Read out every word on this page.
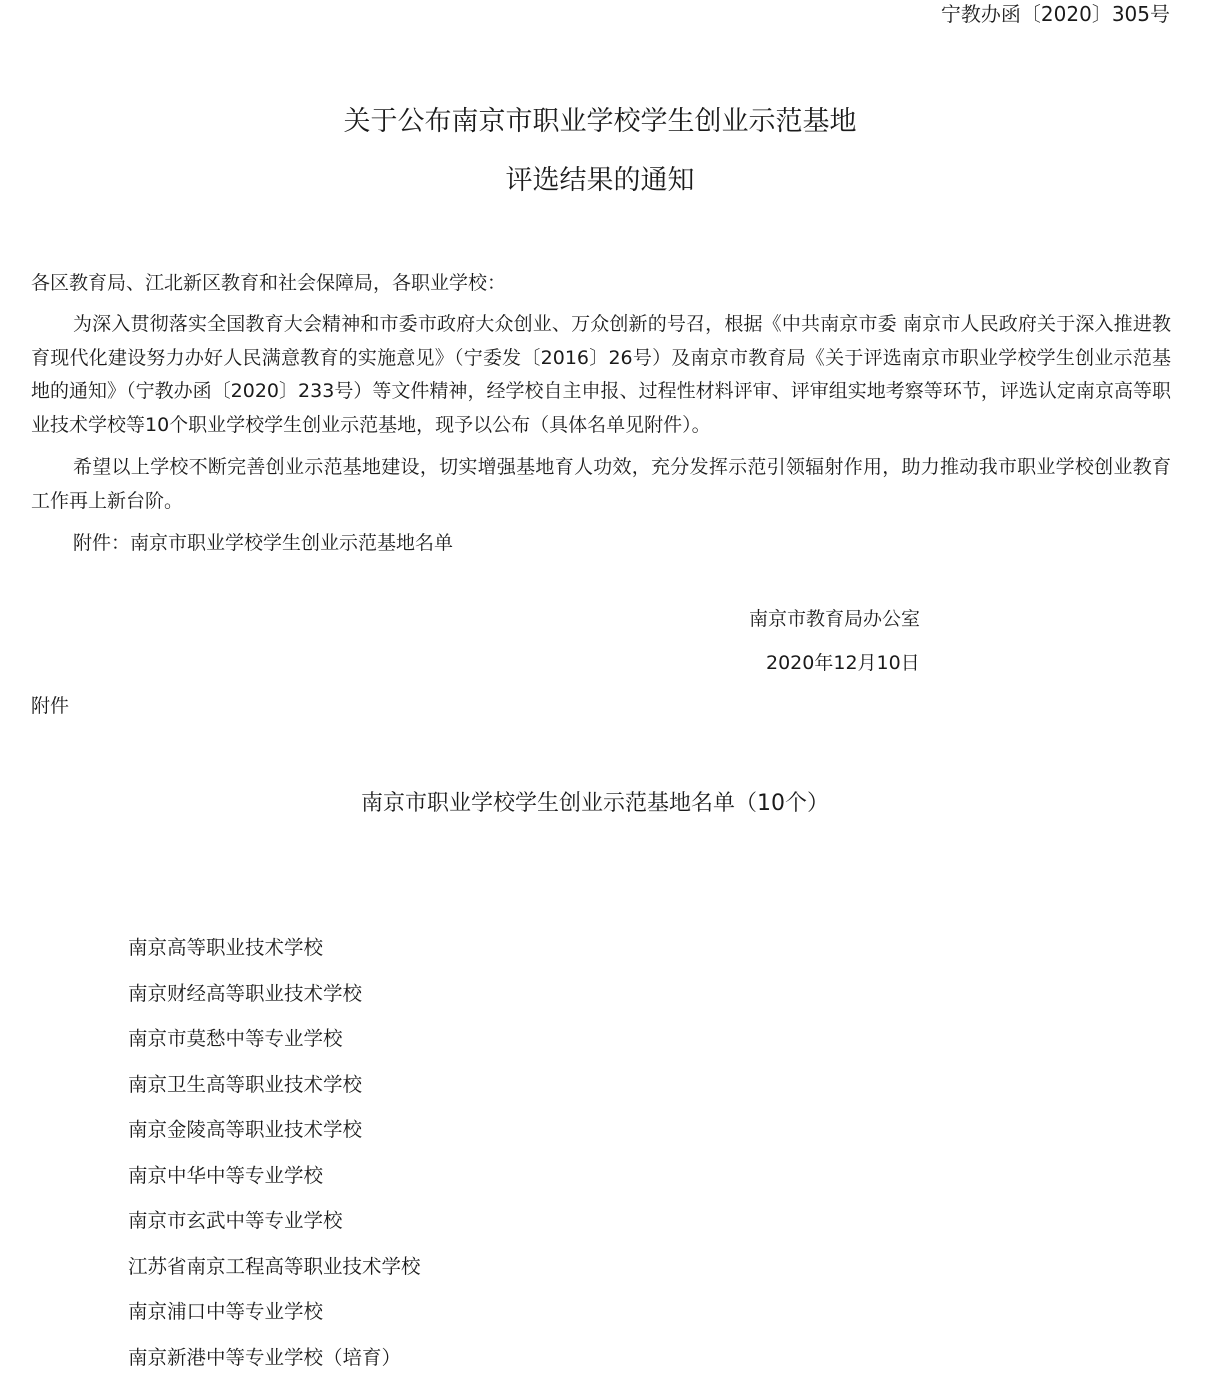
宁教办函〔2020〕305号
关于公布南京市职业学校学生创业示范基地
评选结果的通知

各区教育局、江北新区教育和社会保障局，各职业学校：

为深入贯彻落实全国教育大会精神和市委市政府大众创业、万众创新的号召，根据《中共南京市委 南京市人民政府关于深入推进教育现代化建设努力办好人民满意教育的实施意见》（宁委发〔2016〕26号）及南京市教育局《关于评选南京市职业学校学生创业示范基地的通知》（宁教办函〔2020〕233号）等文件精神，经学校自主申报、过程性材料评审、评审组实地考察等环节，评选认定南京高等职业技术学校等10个职业学校学生创业示范基地，现予以公布（具体名单见附件）。

希望以上学校不断完善创业示范基地建设，切实增强基地育人功效，充分发挥示范引领辐射作用，助力推动我市职业学校创业教育工作再上新台阶。

附件：南京市职业学校学生创业示范基地名单

南京市教育局办公室
2020年12月10日
附件
南京市职业学校学生创业示范基地名单（10个）
南京高等职业技术学校
南京财经高等职业技术学校
南京市莫愁中等专业学校
南京卫生高等职业技术学校
南京金陵高等职业技术学校
南京中华中等专业学校
南京市玄武中等专业学校
江苏省南京工程高等职业技术学校
南京浦口中等专业学校
南京新港中等专业学校（培育）
